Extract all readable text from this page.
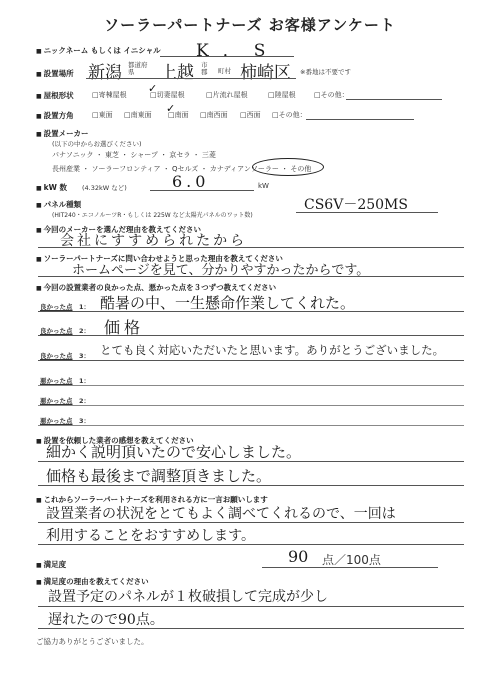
ソーラーパートナーズ お客様アンケート
■ ニックネーム もしくは イニシャル K．S
■ 設置場所 新潟 都道府県	上越 市郡	町村 柿崎区 ※番地は不要です
■ 屋根形状	□寄棟屋根	□切妻屋根
✓	□片流れ屋根	□陸屋根	□その他：
■ 設置方角	□東面 □南東面 □南面
✓	□南西面 □西面 □その他：
■ 設置メーカー
(以下の中からお選びください)
パナソニック ・ 東芝 ・ シャープ ・ 京セラ ・ 三菱
長州産業 ・ ソーラーフロンティア ・ Qセルズ ・ カナディアンソーラー ・ その他
■ kW 数 (4.32kW など)	6.0	kW
■ パネル種類
(HIT240・エコノルーツR・もしくは 225W など太陽光パネルのワット数)
CS6V－250MS
■ 今回のメーカーを選んだ理由を教えてください
会社にすすめられたから
■ ソーラーパートナーズに問い合わせようと思った理由を教えてください
ホームページを見て、分かりやすかったからです。
■ 今回の設置業者の良かった点、悪かった点を３つずつ教えてください
良かった点 1： 酷暑の中、一生懸命作業してくれた。
良かった点 2： 価格
良かった点 3： とても良く対応いただいたと思います。ありがとうございました。
悪かった点 1：
悪かった点 2：
悪かった点 3：
■ 設置を依頼した業者の感想を教えてください
細かく説明頂いたので安心しました。
価格も最後まで調整頂きました。
■ これからソーラーパートナーズを利用される方に一言お願いします
設置業者の状況をとてもよく調べてくれるので、一回は
利用することをおすすめします。
■ 満足度	90 点／100点
■ 満足度の理由を教えてください
設置予定のパネルが１枚破損して完成が少し
遅れたので90点。
ご協力ありがとうございました。
